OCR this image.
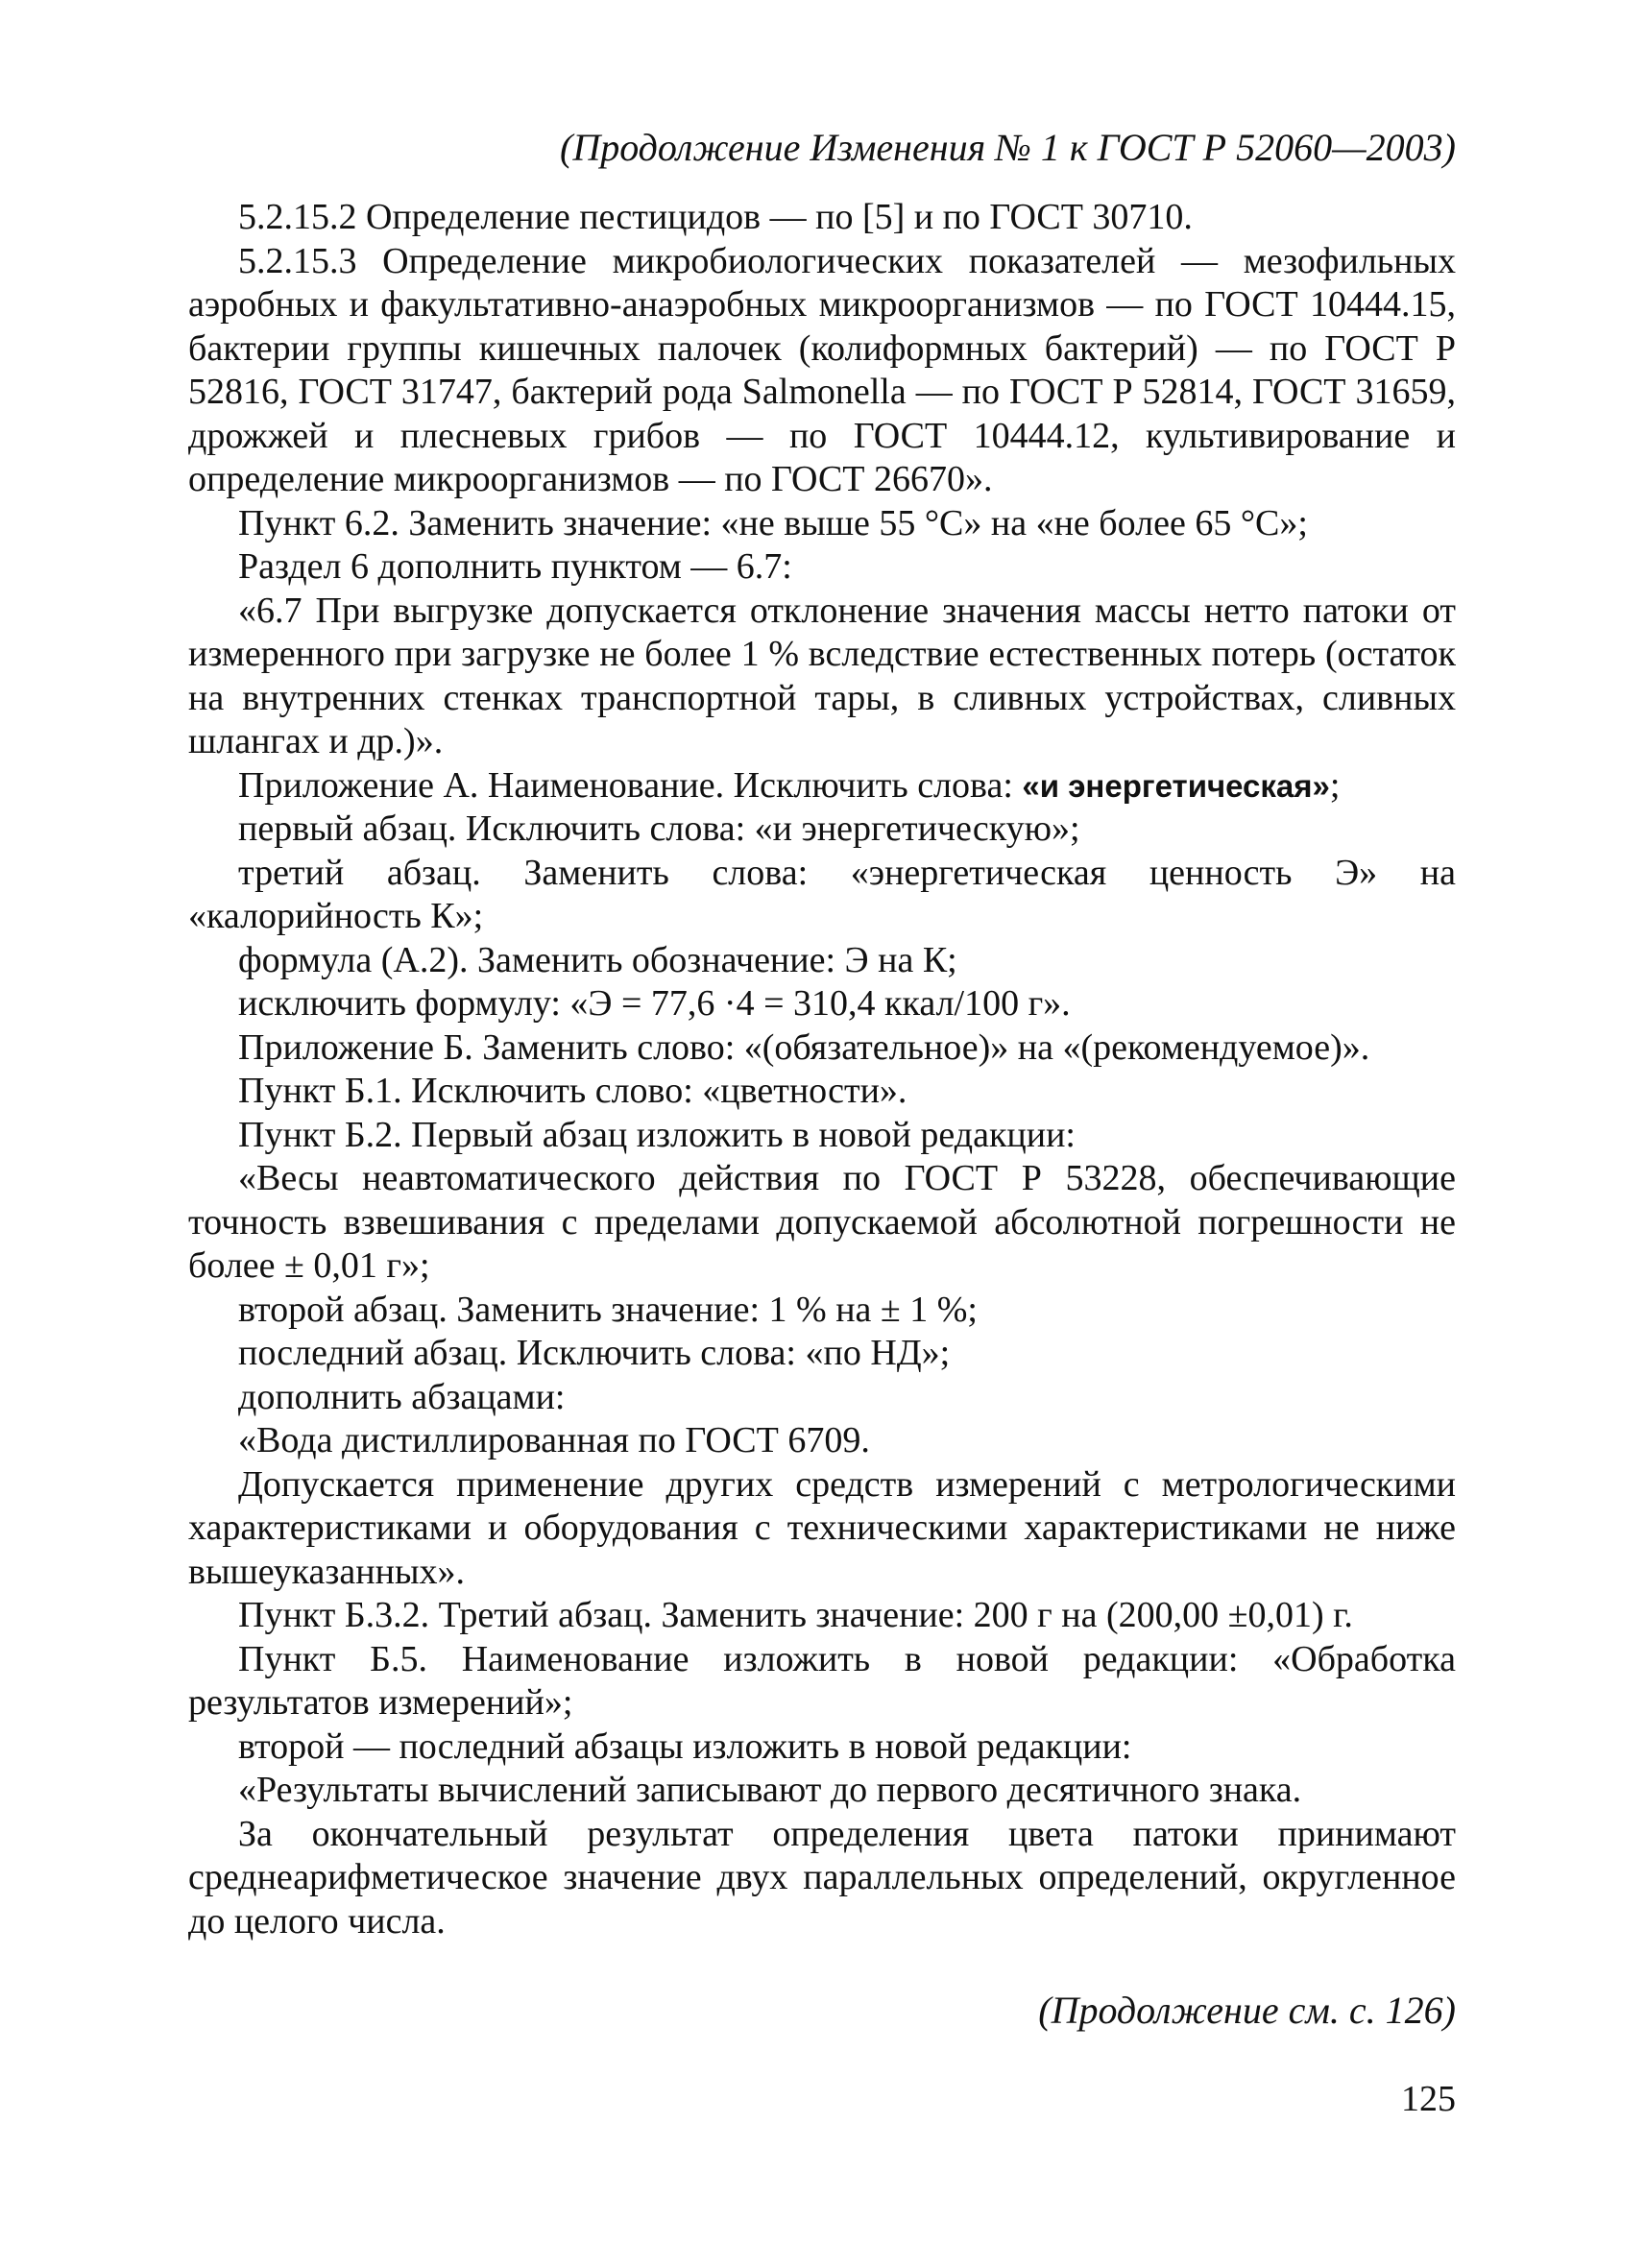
(Продолжение Изменения № 1 к ГОСТ Р 52060—2003)

5.2.15.2 Определение пестицидов — по [5] и по ГОСТ 30710.

5.2.15.3 Определение микробиологических показателей — мезофильных аэробных и факультативно-анаэробных микроорганизмов — по ГОСТ 10444.15, бактерии группы кишечных палочек (колиформных бактерий) — по ГОСТ Р 52816, ГОСТ 31747, бактерий рода Salmonella — по ГОСТ Р 52814, ГОСТ 31659, дрожжей и плесневых грибов — по ГОСТ 10444.12, культивирование и определение микроорганизмов — по ГОСТ 26670».

Пункт 6.2. Заменить значение: «не выше 55 °С» на «не более 65 °С»;

Раздел 6 дополнить пунктом — 6.7:

«6.7 При выгрузке допускается отклонение значения массы нетто патоки от измеренного при загрузке не более 1 % вследствие естественных потерь (остаток на внутренних стенках транспортной тары, в сливных устройствах, сливных шлангах и др.)».

Приложение А. Наименование. Исключить слова: «и энергетическая»;

первый абзац. Исключить слова: «и энергетическую»;

третий абзац. Заменить слова: «энергетическая ценность Э» на «калорийность К»;

формула (А.2). Заменить обозначение: Э на К;

исключить формулу: «Э = 77,6 ·4 = 310,4 ккал/100 г».

Приложение Б. Заменить слово: «(обязательное)» на «(рекомендуемое)».

Пункт Б.1. Исключить слово: «цветности».

Пункт Б.2. Первый абзац изложить в новой редакции:

«Весы неавтоматического действия по ГОСТ Р 53228, обеспечивающие точность взвешивания с пределами допускаемой абсолютной погрешности не более ± 0,01 г»;

второй абзац. Заменить значение: 1 % на ± 1 %;

последний абзац. Исключить слова: «по НД»;

дополнить абзацами:

«Вода дистиллированная по ГОСТ 6709.

Допускается применение других средств измерений с метрологическими характеристиками и оборудования с техническими характеристиками не ниже вышеуказанных».

Пункт Б.3.2. Третий абзац. Заменить значение: 200 г на (200,00 ±0,01) г.

Пункт Б.5. Наименование изложить в новой редакции: «Обработка результатов измерений»;

второй — последний абзацы изложить в новой редакции:

«Результаты вычислений записывают до первого десятичного знака.

За окончательный результат определения цвета патоки принимают среднеарифметическое значение двух параллельных определений, округленное до целого числа.

(Продолжение см. с. 126)
125
